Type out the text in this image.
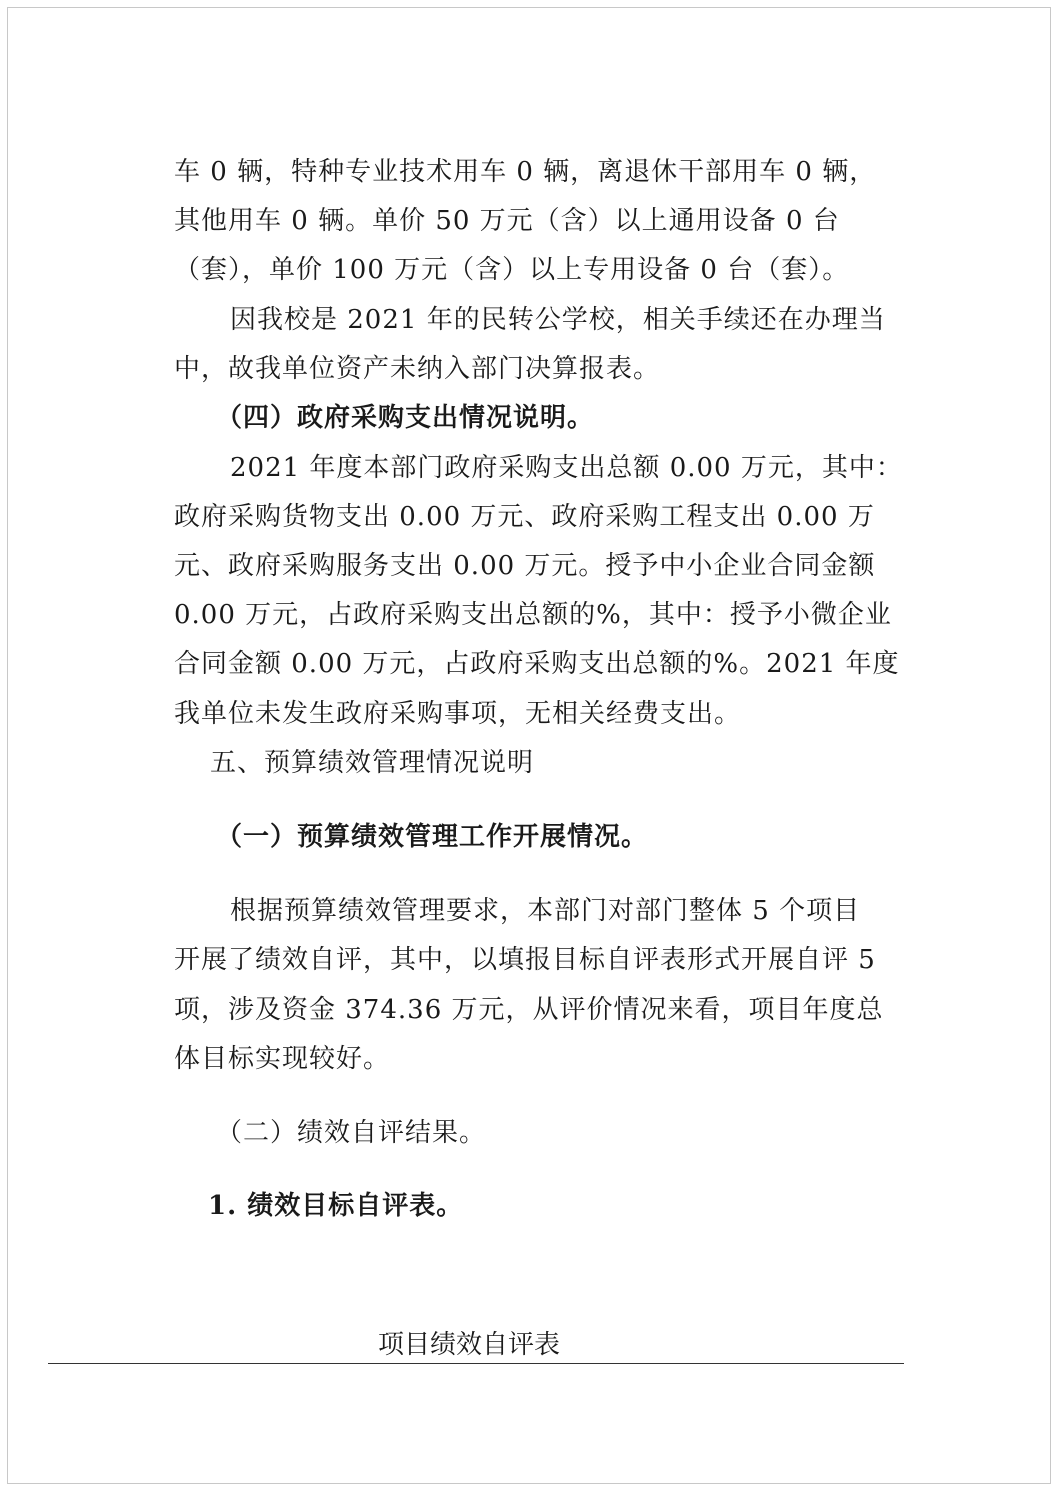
车 0 辆，特种专业技术用车 0 辆，离退休干部用车 0 辆，
其他用车 0 辆。单价 50 万元（含）以上通用设备 0 台
（套），单价 100 万元（含）以上专用设备 0 台（套）。
因我校是 2021 年的民转公学校，相关手续还在办理当
中，故我单位资产未纳入部门决算报表。
（四）政府采购支出情况说明。
2021 年度本部门政府采购支出总额 0.00 万元，其中：
政府采购货物支出 0.00 万元、政府采购工程支出 0.00 万
元、政府采购服务支出 0.00 万元。授予中小企业合同金额
0.00 万元，占政府采购支出总额的%，其中：授予小微企业
合同金额 0.00 万元，占政府采购支出总额的%。2021 年度
我单位未发生政府采购事项，无相关经费支出。
五、预算绩效管理情况说明
（一）预算绩效管理工作开展情况。
根据预算绩效管理要求，本部门对部门整体 5 个项目
开展了绩效自评，其中，以填报目标自评表形式开展自评 5
项，涉及资金 374.36 万元，从评价情况来看，项目年度总
体目标实现较好。
（二）绩效自评结果。
1. 绩效目标自评表。
项目绩效自评表
